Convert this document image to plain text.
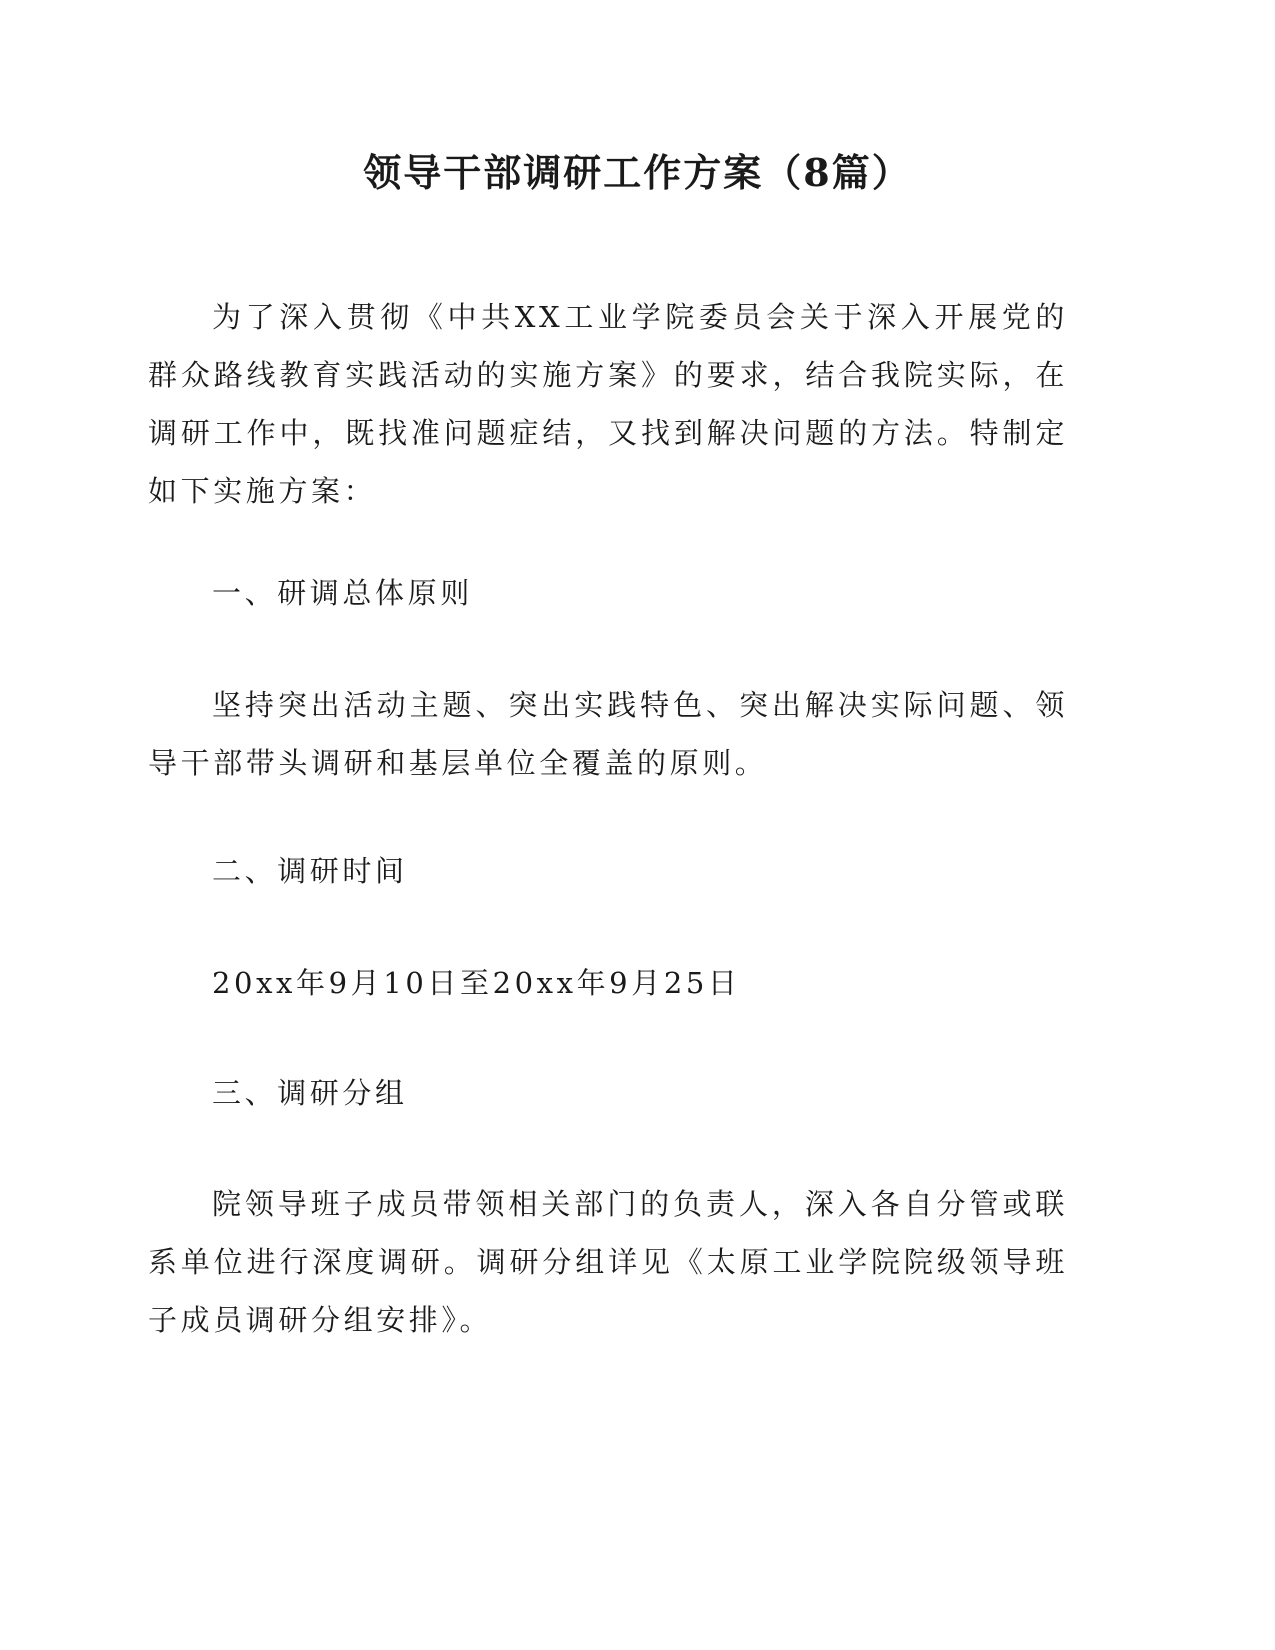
领导干部调研工作方案（8篇）

为了深入贯彻《中共XX工业学院委员会关于深入开展党的群众路线教育实践活动的实施方案》的要求，结合我院实际，在调研工作中，既找准问题症结，又找到解决问题的方法。特制定如下实施方案：

一、研调总体原则

坚持突出活动主题、突出实践特色、突出解决实际问题、领导干部带头调研和基层单位全覆盖的原则。

二、调研时间

20xx年9月10日至20xx年9月25日

三、调研分组

院领导班子成员带领相关部门的负责人，深入各自分管或联系单位进行深度调研。调研分组详见《太原工业学院院级领导班子成员调研分组安排》。
